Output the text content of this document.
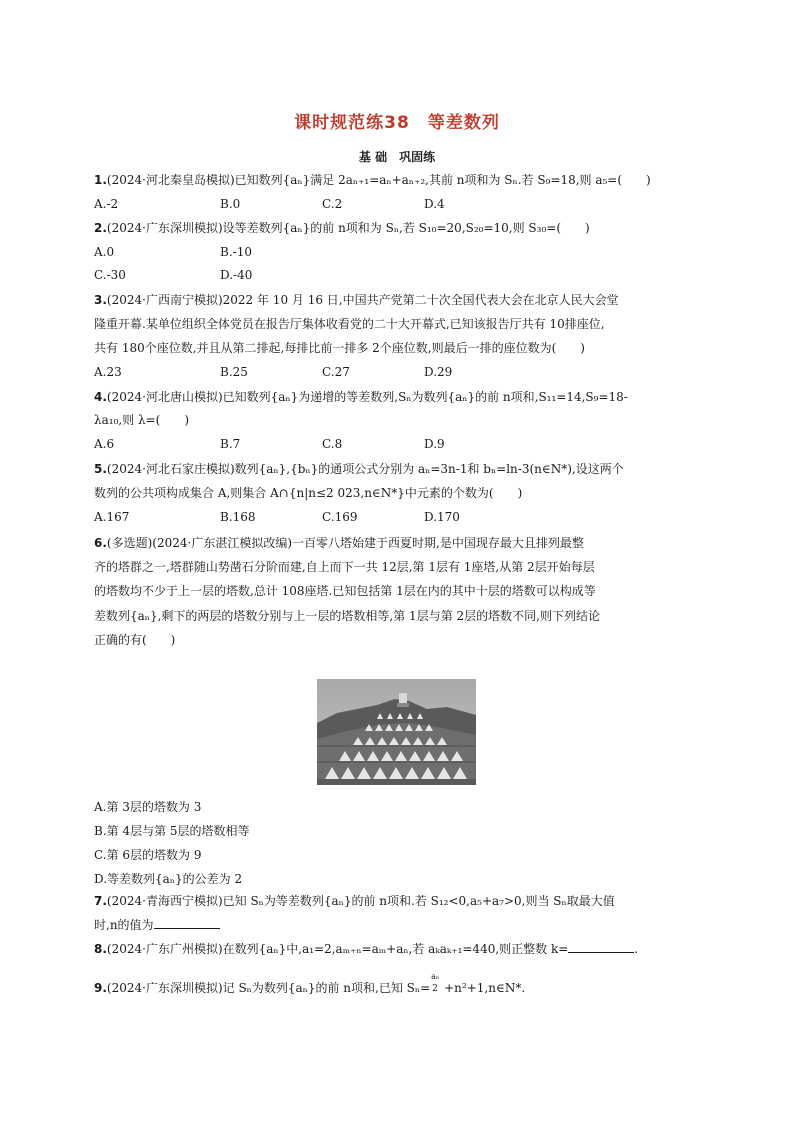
课时规范练38　等差数列
基 础　巩固练
1.(2024·河北秦皇岛模拟)已知数列{aₙ}满足 2aₙ₊₁=aₙ+aₙ₊₂,其前 n项和为 Sₙ.若 S₉=18,则 a₅=(　　)
A.-2	B.0	C.2	D.4
2.(2024·广东深圳模拟)设等差数列{aₙ}的前 n项和为 Sₙ,若 S₁₀=20,S₂₀=10,则 S₃₀=(　　)
A.0	B.-10
C.-30	D.-40
3.(2024·广西南宁模拟)2022 年 10 月 16 日,中国共产党第二十次全国代表大会在北京人民大会堂
隆重开幕.某单位组织全体党员在报告厅集体收看党的二十大开幕式,已知该报告厅共有 10排座位,
共有 180个座位数,并且从第二排起,每排比前一排多 2个座位数,则最后一排的座位数为(　　)
A.23	B.25	C.27	D.29
4.(2024·河北唐山模拟)已知数列{aₙ}为递增的等差数列,Sₙ为数列{aₙ}的前 n项和,S₁₁=14,S₉=18-
λa₁₀,则 λ=(　　)
A.6	B.7	C.8	D.9
5.(2024·河北石家庄模拟)数列{aₙ},{bₙ}的通项公式分别为 aₙ=3n-1和 bₙ=ln-3(n∈N*),设这两个
数列的公共项构成集合 A,则集合 A∩{n|n≤2 023,n∈N*}中元素的个数为(　　)
A.167	B.168	C.169	D.170
6.(多选题)(2024·广东湛江模拟改编)一百零八塔始建于西夏时期,是中国现存最大且排列最整
齐的塔群之一,塔群随山势凿石分阶而建,自上而下一共 12层,第 1层有 1座塔,从第 2层开始每层
的塔数均不少于上一层的塔数,总计 108座塔.已知包括第 1层在内的其中十层的塔数可以构成等
差数列{aₙ},剩下的两层的塔数分别与上一层的塔数相等,第 1层与第 2层的塔数不同,则下列结论
正确的有(　　)
A.第 3层的塔数为 3
B.第 4层与第 5层的塔数相等
C.第 6层的塔数为 9
D.等差数列{aₙ}的公差为 2
7.(2024·青海西宁模拟)已知 Sₙ为等差数列{aₙ}的前 n项和.若 S₁₂<0,a₅+a₇>0,则当 Sₙ取最大值
时,n的值为
8.(2024·广东广州模拟)在数列{aₙ}中,a₁=2,aₘ₊ₙ=aₘ+aₙ,若 aₖaₖ₊₁=440,则正整数 k=	.
9.(2024·广东深圳模拟)记 Sₙ为数列{aₙ}的前 n项和,已知 Sₙ=
aₙ
2 +n²+1,n∈N*.
